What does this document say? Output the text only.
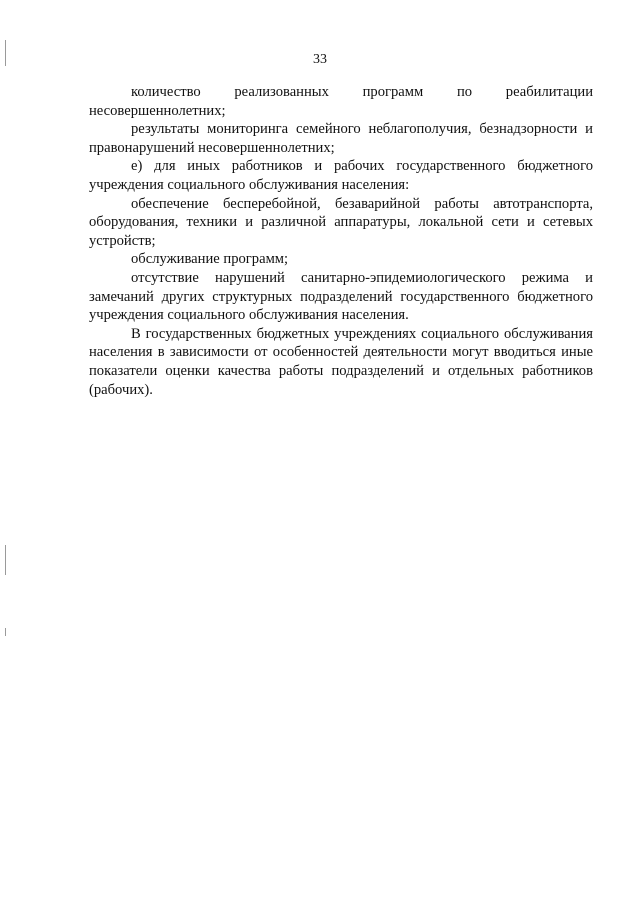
33

количество реализованных программ по реабилитации несовершеннолетних;

результаты мониторинга семейного неблагополучия, безнадзорности и правонарушений несовершеннолетних;

е) для иных работников и рабочих государственного бюджетного учреждения социального обслуживания населения:

обеспечение бесперебойной, безаварийной работы автотранспорта, оборудования, техники и различной аппаратуры, локальной сети и сетевых устройств;

обслуживание программ;

отсутствие нарушений санитарно-эпидемиологического режима и замечаний других структурных подразделений государственного бюджетного учреждения социального обслуживания населения.

В государственных бюджетных учреждениях социального обслуживания населения в зависимости от особенностей деятельности могут вводиться иные показатели оценки качества работы подразделений и отдельных работников (рабочих).
